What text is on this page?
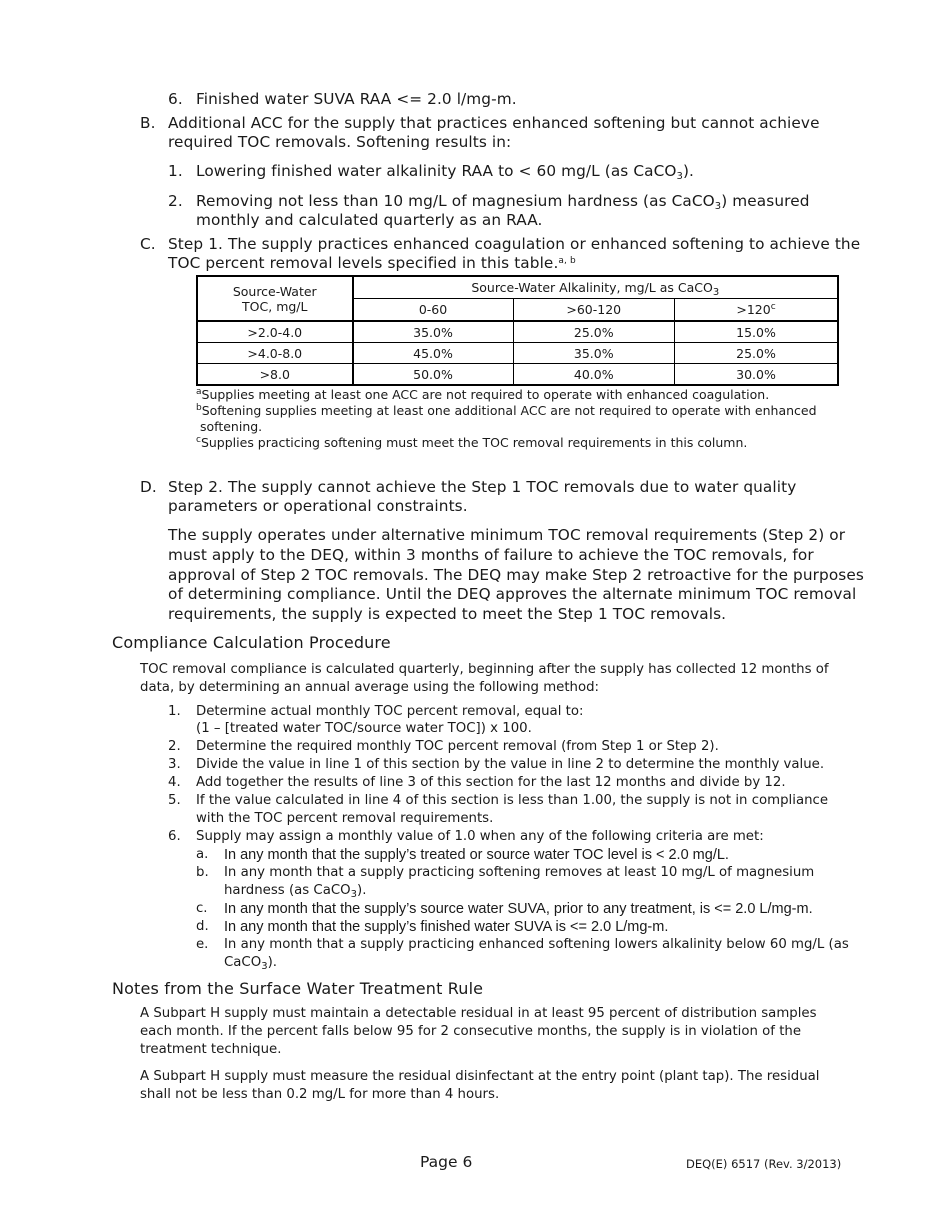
6. Finished water SUVA RAA <= 2.0 l/mg-m.
B. Additional ACC for the supply that practices enhanced softening but cannot achieve
required TOC removals. Softening results in:
1. Lowering finished water alkalinity RAA to < 60 mg/L (as CaCO$_3$).
2. Removing not less than 10 mg/L of magnesium hardness (as CaCO$_3$) measured
monthly and calculated quarterly as an RAA.
C. Step 1. The supply practices enhanced coagulation or enhanced softening to achieve the
TOC percent removal levels specified in this table.$^{a, b}$
Source-Water
TOC, mg/L	Source-Water Alkalinity, mg/L as CaCO$_3$
	0-60	>60-120	$>120^c$
>2.0-4.0	35.0%	25.0%	15.0%
>4.0-8.0	45.0%	35.0%	25.0%
>8.0	50.0%	40.0%	30.0%
$^a$Supplies meeting at least one ACC are not required to operate with enhanced coagulation.
$^b$Softening supplies meeting at least one additional ACC are not required to operate with enhanced
softening.
$^c$Supplies practicing softening must meet the TOC removal requirements in this column.
D. Step 2. The supply cannot achieve the Step 1 TOC removals due to water quality
parameters or operational constraints.
The supply operates under alternative minimum TOC removal requirements (Step 2) or
must apply to the DEQ, within 3 months of failure to achieve the TOC removals, for
approval of Step 2 TOC removals. The DEQ may make Step 2 retroactive for the purposes
of determining compliance. Until the DEQ approves the alternate minimum TOC removal
requirements, the supply is expected to meet the Step 1 TOC removals.
Compliance Calculation Procedure
TOC removal compliance is calculated quarterly, beginning after the supply has collected 12 months of
data, by determining an annual average using the following method:
1. Determine actual monthly TOC percent removal, equal to:
(1 – [treated water TOC/source water TOC]) x 100.
2. Determine the required monthly TOC percent removal (from Step 1 or Step 2).
3. Divide the value in line 1 of this section by the value in line 2 to determine the monthly value.
4. Add together the results of line 3 of this section for the last 12 months and divide by 12.
5. If the value calculated in line 4 of this section is less than 1.00, the supply is not in compliance
with the TOC percent removal requirements.
6. Supply may assign a monthly value of 1.0 when any of the following criteria are met:
a. In any month that the supply’s treated or source water TOC level is < 2.0 mg/L.
b. In any month that a supply practicing softening removes at least 10 mg/L of magnesium
hardness (as CaCO$_3$).
c. In any month that the supply’s source water SUVA, prior to any treatment, is <= 2.0 L/mg-m.
d. In any month that the supply’s finished water SUVA is <= 2.0 L/mg-m.
e. In any month that a supply practicing enhanced softening lowers alkalinity below 60 mg/L (as
CaCO$_3$).
Notes from the Surface Water Treatment Rule
A Subpart H supply must maintain a detectable residual in at least 95 percent of distribution samples
each month. If the percent falls below 95 for 2 consecutive months, the supply is in violation of the
treatment technique.
A Subpart H supply must measure the residual disinfectant at the entry point (plant tap). The residual
shall not be less than 0.2 mg/L for more than 4 hours.
Page 6	DEQ(E) 6517 (Rev. 3/2013)
